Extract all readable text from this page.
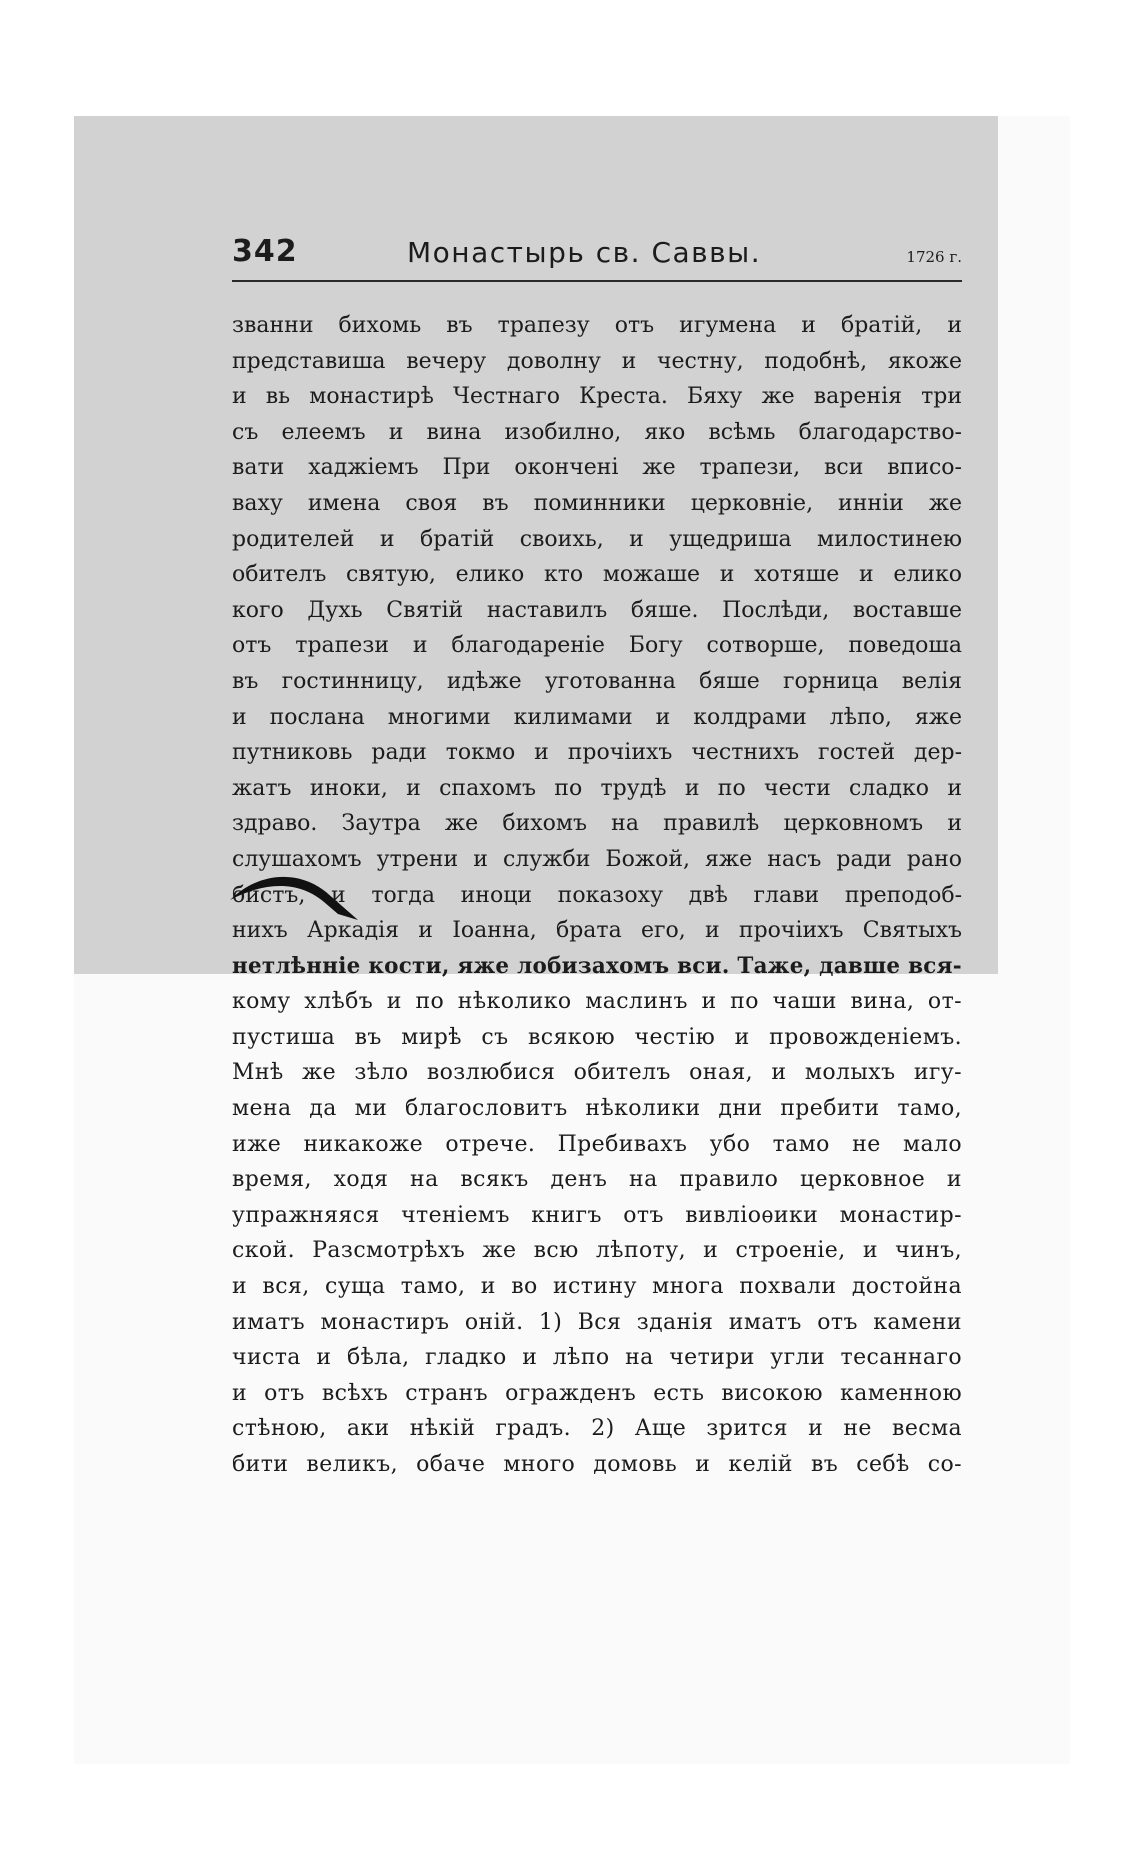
342	Монастырь св. Саввы.	1726 г.
званни бихомь въ трапезу отъ игумена и братій, и
представиша вечеру доволну и честну, подобнѣ, якоже
и вь монастирѣ Честнаго Креста. Бяху же варенія три
съ елеемъ и вина изобилно, яко всѣмь благодарство-
вати хаджіемъ При окончені же трапези, вси вписо-
ваху имена своя въ поминники церковніе, инніи же
родителей и братій своихь, и ущедриша милостинею
обителъ святую, елико кто можаше и хотяше и елико
кого Духь Святій наставилъ бяше. Послѣди, воставше
отъ трапези и благодареніе Богу сотворше, поведоша
въ гостинницу, идѣже уготованна бяше горница велія
и послана многими килимами и колдрами лѣпо, яже
путниковь ради токмо и прочіихъ честнихъ гостей дер-
жатъ иноки, и спахомъ по трудѣ и по чести сладко и
здраво. Заутра же бихомъ на правилѣ церковномъ и
слушахомъ утрени и служби Божой, яже насъ ради рано
бистъ, и тогда иноци показоху двѣ глави преподоб-
нихъ Аркадія и Іоанна, брата его, и прочіихъ Святыхъ
нетлѣнніе кости, яже лобизахомъ вси. Таже, давше вся-
кому хлѣбъ и по нѣколико маслинъ и по чаши вина, от-
пустиша въ мирѣ съ всякою честію и провожденіемъ.
Мнѣ же зѣло возлюбися обителъ оная, и молыхъ игу-
мена да ми благословитъ нѣколики дни пребити тамо,
иже никакоже отрече. Пребивахъ убо тамо не мало
время, ходя на всякъ денъ на правило церковное и
упражняяся чтеніемъ книгъ отъ вивліоѳики монастир-
ской. Разсмотрѣхъ же всю лѣпоту, и строеніе, и чинъ,
и вся, суща тамо, и во истину многа похвали достойна
иматъ монастиръ оній. 1) Вся зданія иматъ отъ камени
чиста и бѣла, гладко и лѣпо на четири угли тесаннаго
и отъ всѣхъ странъ огражденъ есть високою каменною
стѣною, аки нѣкій градъ. 2) Аще зрится и не весма
бити великъ, обаче много домовь и келій въ себѣ со-
